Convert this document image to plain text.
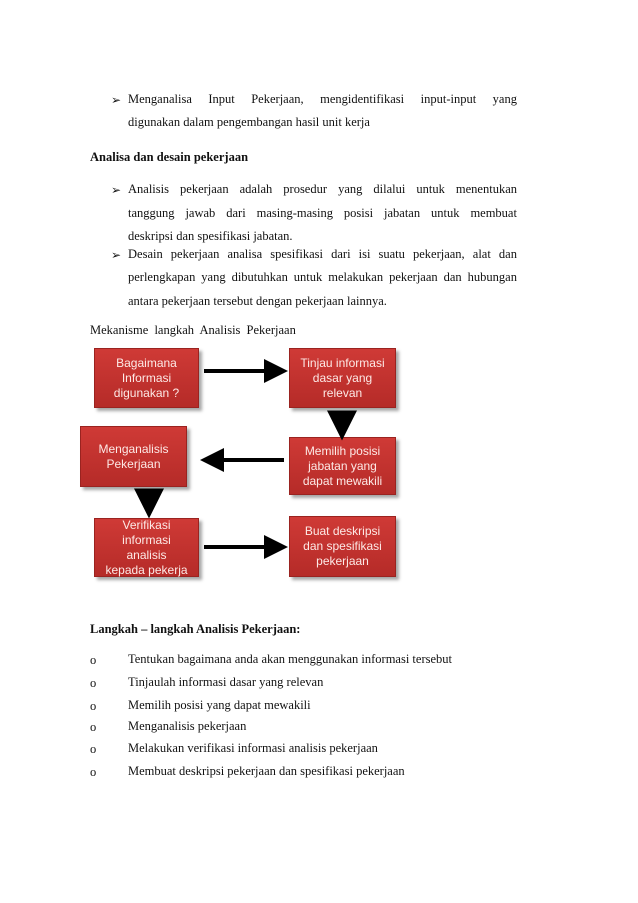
➢ Menganalisa Input Pekerjaan, mengidentifikasi input-input yang
digunakan dalam pengembangan hasil unit kerja
Analisa dan desain pekerjaan
➢ Analisis pekerjaan adalah prosedur yang dilalui untuk menentukan
tanggung jawab dari masing-masing posisi jabatan untuk membuat
deskripsi dan spesifikasi jabatan.
➢ Desain pekerjaan analisa spesifikasi dari isi suatu pekerjaan, alat dan
perlengkapan yang dibutuhkan untuk melakukan pekerjaan dan hubungan
antara pekerjaan tersebut dengan pekerjaan lainnya.
Mekanisme langkah Analisis Pekerjaan
Bagaimana
Informasi
digunakan ?
Tinjau informasi
dasar yang
relevan
Menganalisis
Pekerjaan
Memilih posisi
jabatan yang
dapat mewakili
Verifikasi
informasi analisis
kepada pekerja
Buat deskripsi
dan spesifikasi
pekerjaan
Langkah – langkah Analisis Pekerjaan:
o	Tentukan bagaimana anda akan menggunakan informasi tersebut
o	Tinjaulah informasi dasar yang relevan
o	Memilih posisi yang dapat mewakili
o	Menganalisis pekerjaan
o	Melakukan verifikasi informasi analisis pekerjaan
o	Membuat deskripsi pekerjaan dan spesifikasi pekerjaan
